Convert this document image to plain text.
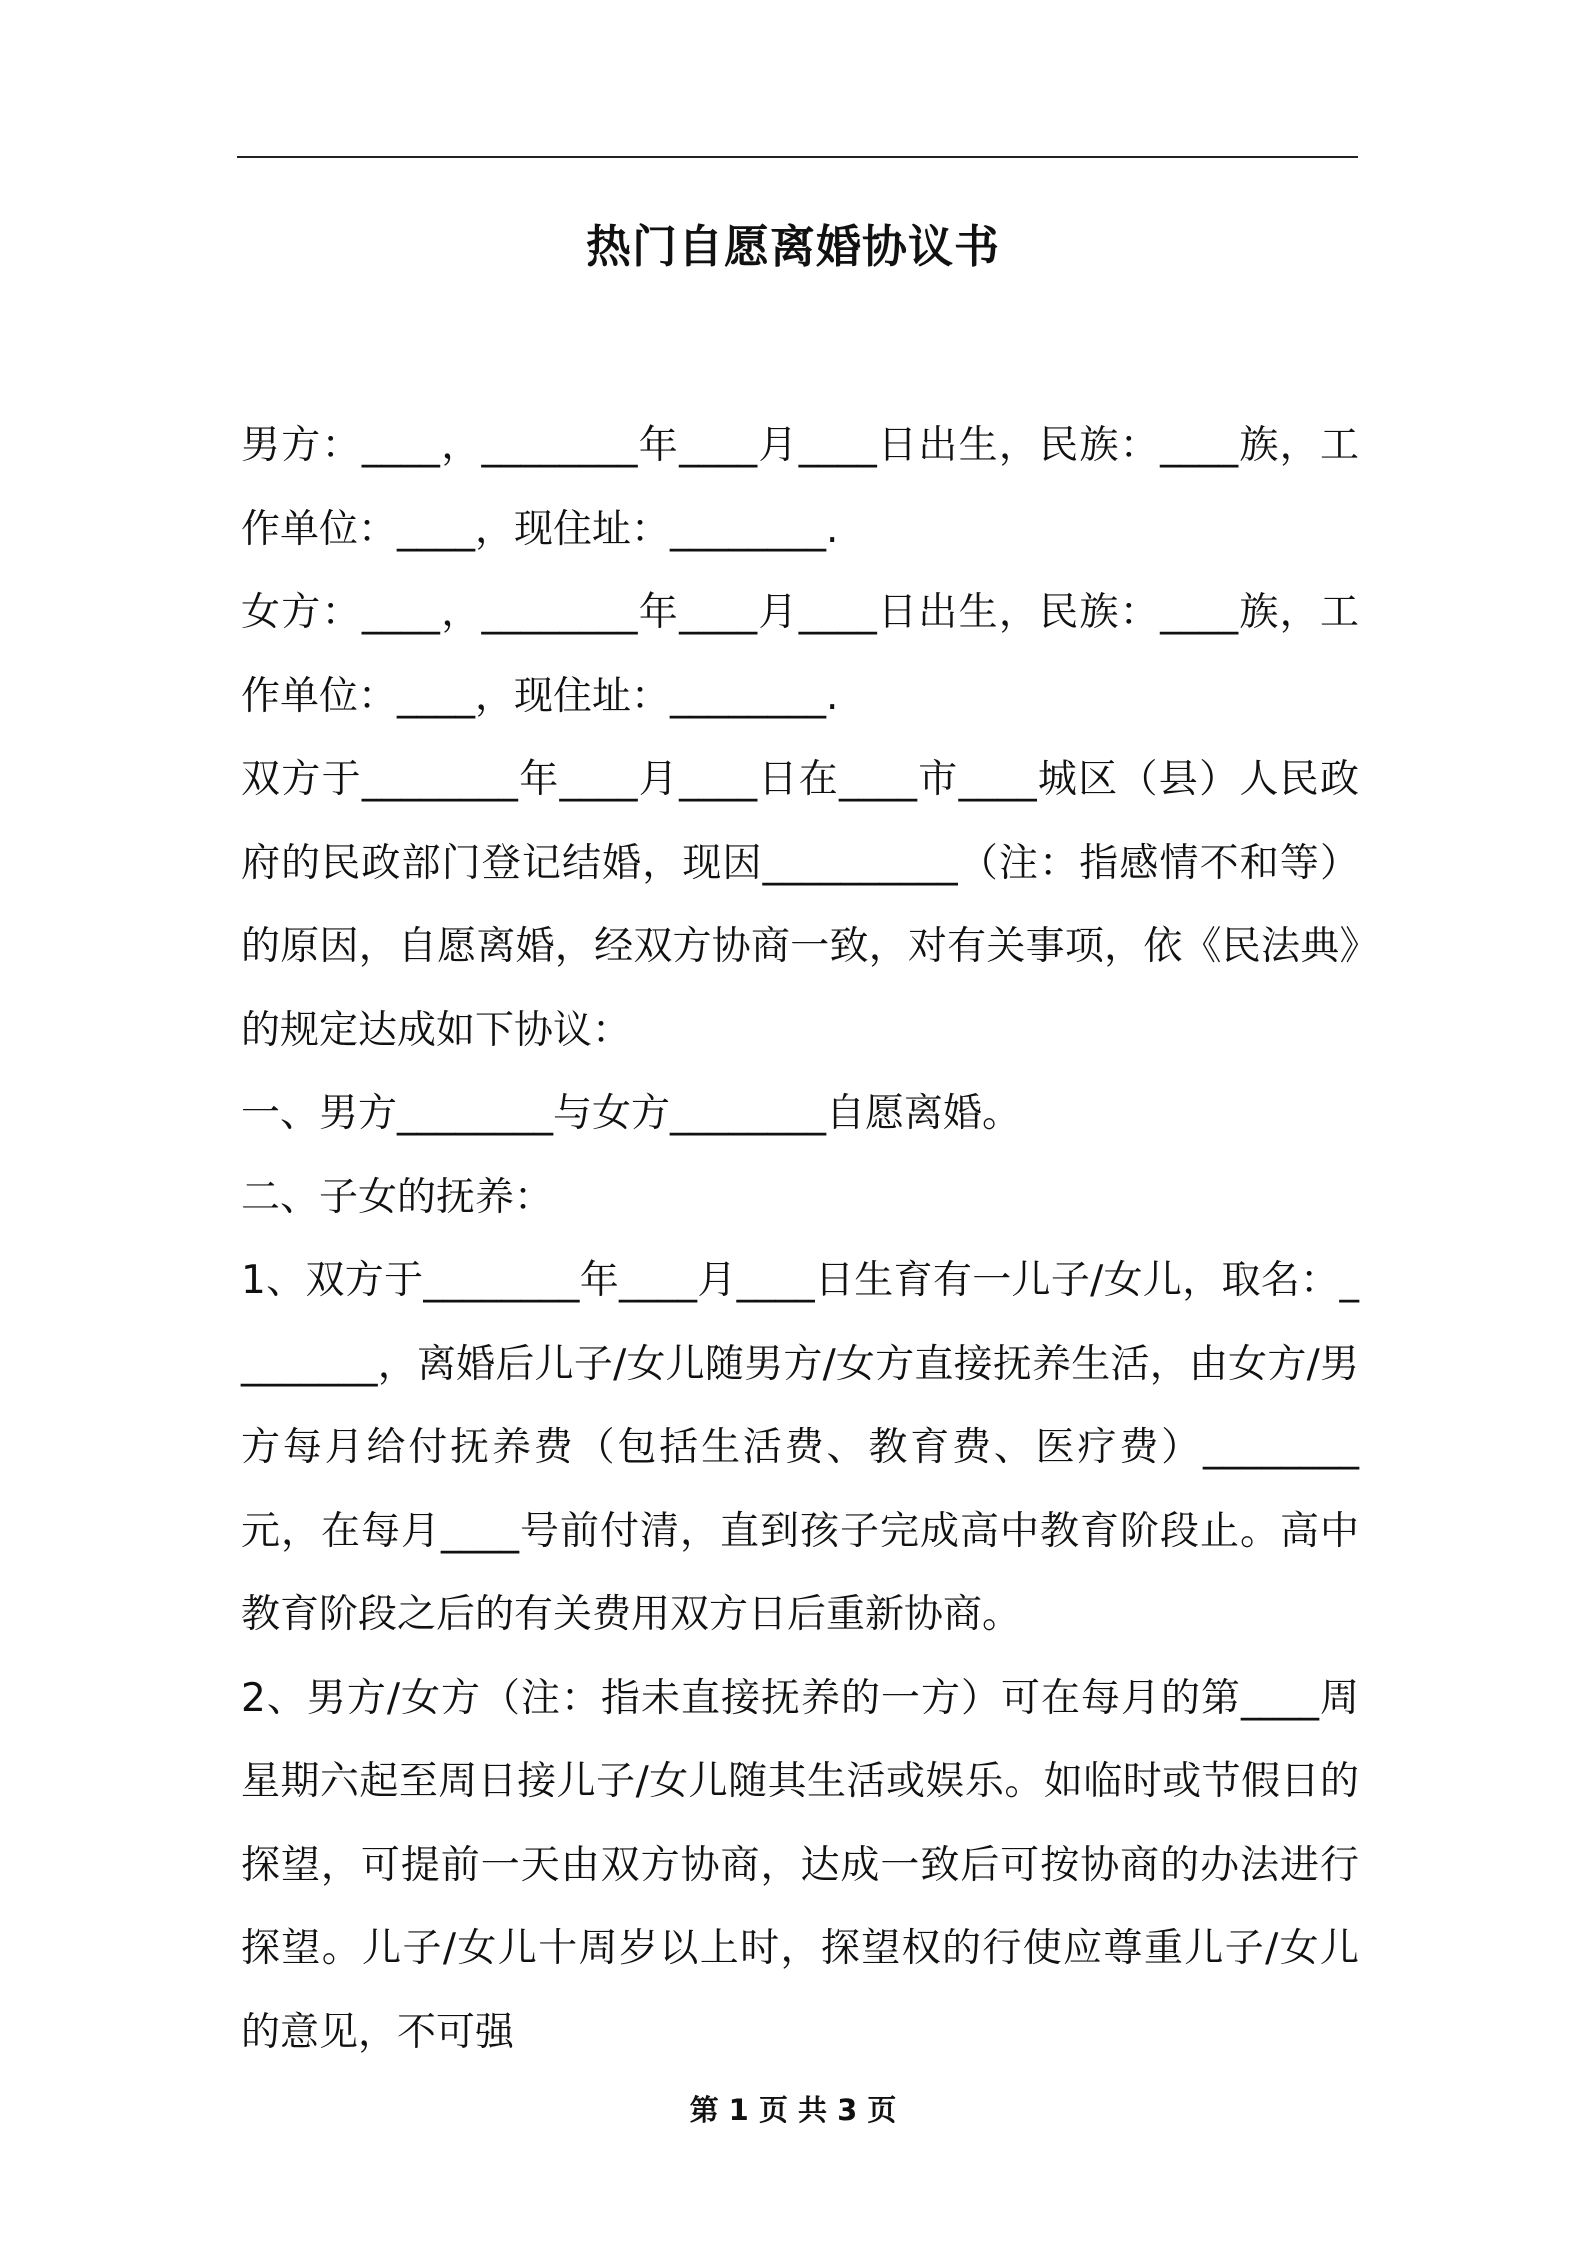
热门自愿离婚协议书

男方：____，________年____月____日出生，民族：____族，工作单位：____，现住址：________.

女方：____，________年____月____日出生，民族：____族，工作单位：____，现住址：________.

双方于________年____月____日在____市____城区（县）人民政府的民政部门登记结婚，现因__________（注：指感情不和等）的原因，自愿离婚，经双方协商一致，对有关事项，依《民法典》的规定达成如下协议：

一、男方________与女方________自愿离婚。

二、子女的抚养：

1、双方于________年____月____日生育有一儿子/女儿，取名：________，离婚后儿子/女儿随男方/女方直接抚养生活，由女方/男方每月给付抚养费（包括生活费、教育费、医疗费）________元，在每月____号前付清，直到孩子完成高中教育阶段止。高中教育阶段之后的有关费用双方日后重新协商。

2、男方/女方（注：指未直接抚养的一方）可在每月的第____周星期六起至周日接儿子/女儿随其生活或娱乐。如临时或节假日的探望，可提前一天由双方协商，达成一致后可按协商的办法进行探望。儿子/女儿十周岁以上时，探望权的行使应尊重儿子/女儿的意见，不可强

第 1 页 共 3 页
